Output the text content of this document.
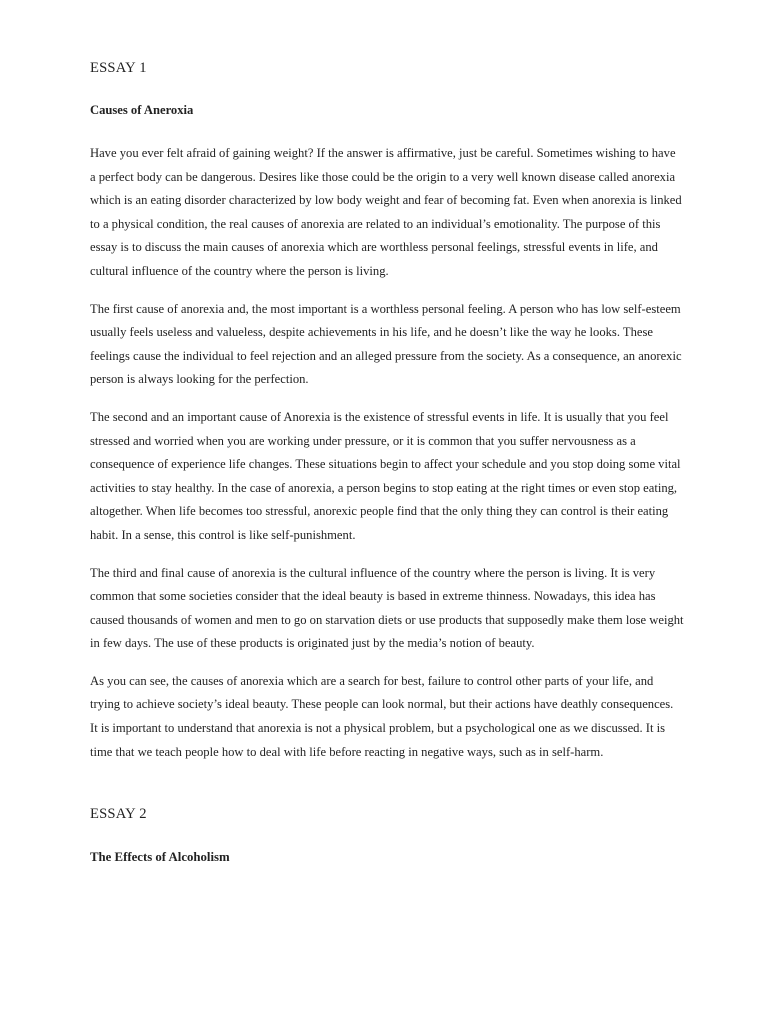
ESSAY 1

Causes of Aneroxia

Have you ever felt afraid of gaining weight? If the answer is affirmative, just be careful. Sometimes wishing to have a perfect body can be dangerous. Desires like those could be the origin to a very well known disease called anorexia which is an eating disorder characterized by low body weight and fear of becoming fat. Even when anorexia is linked to a physical condition, the real causes of anorexia are related to an individual’s emotionality. The purpose of this essay is to discuss the main causes of anorexia which are worthless personal feelings, stressful events in life, and cultural influence of the country where the person is living.

The first cause of anorexia and, the most important is a worthless personal feeling. A person who has low self-esteem usually feels useless and valueless, despite achievements in his life, and he doesn’t like the way he looks. These feelings cause the individual to feel rejection and an alleged pressure from the society. As a consequence, an anorexic person is always looking for the perfection.

The second and an important cause of Anorexia is the existence of stressful events in life. It is usually that you feel stressed and worried when you are working under pressure, or it is common that you suffer nervousness as a consequence of experience life changes. These situations begin to affect your schedule and you stop doing some vital activities to stay healthy. In the case of anorexia, a person begins to stop eating at the right times or even stop eating, altogether. When life becomes too stressful, anorexic people find that the only thing they can control is their eating habit. In a sense, this control is like self-punishment.

The third and final cause of anorexia is the cultural influence of the country where the person is living. It is very common that some societies consider that the ideal beauty is based in extreme thinness. Nowadays, this idea has caused thousands of women and men to go on starvation diets or use products that supposedly make them lose weight in few days. The use of these products is originated just by the media’s notion of beauty.

As you can see, the causes of anorexia which are a search for best, failure to control other parts of your life, and trying to achieve society’s ideal beauty. These people can look normal, but their actions have deathly consequences. It is important to understand that anorexia is not a physical problem, but a psychological one as we discussed. It is time that we teach people how to deal with life before reacting in negative ways, such as in self-harm.

ESSAY 2

The Effects of Alcoholism
